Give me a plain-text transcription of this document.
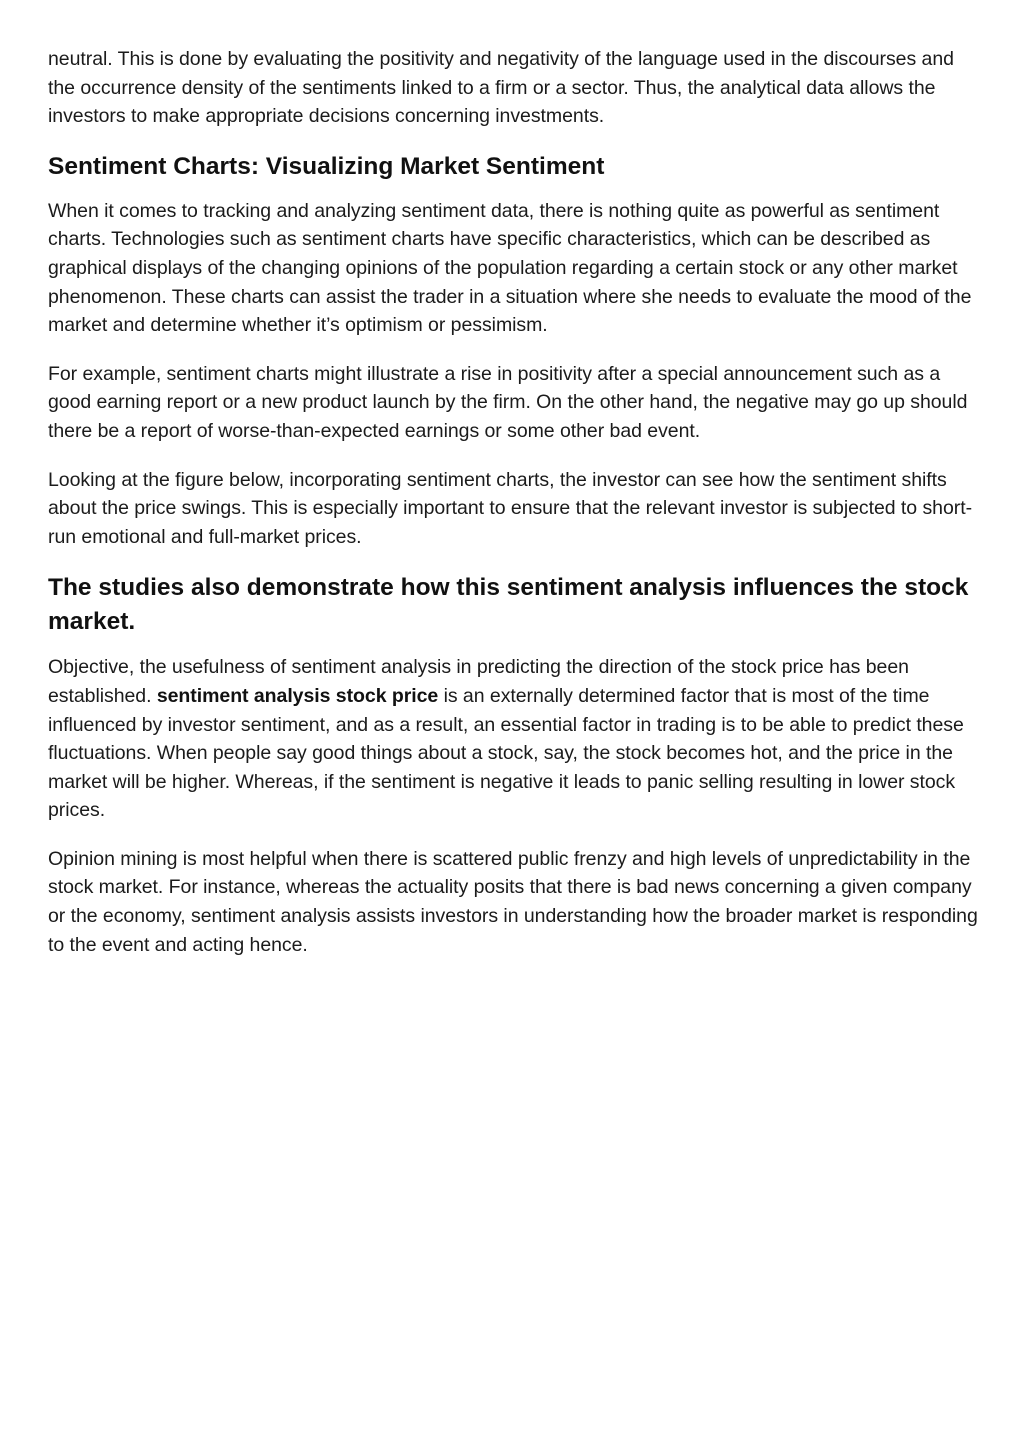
neutral. This is done by evaluating the positivity and negativity of the language used in the discourses and the occurrence density of the sentiments linked to a firm or a sector. Thus, the analytical data allows the investors to make appropriate decisions concerning investments.

Sentiment Charts: Visualizing Market Sentiment

When it comes to tracking and analyzing sentiment data, there is nothing quite as powerful as sentiment charts. Technologies such as sentiment charts have specific characteristics, which can be described as graphical displays of the changing opinions of the population regarding a certain stock or any other market phenomenon. These charts can assist the trader in a situation where she needs to evaluate the mood of the market and determine whether it’s optimism or pessimism.

For example, sentiment charts might illustrate a rise in positivity after a special announcement such as a good earning report or a new product launch by the firm. On the other hand, the negative may go up should there be a report of worse-than-expected earnings or some other bad event.

Looking at the figure below, incorporating sentiment charts, the investor can see how the sentiment shifts about the price swings. This is especially important to ensure that the relevant investor is subjected to short-run emotional and full-market prices.

The studies also demonstrate how this sentiment analysis influences the stock market.

Objective, the usefulness of sentiment analysis in predicting the direction of the stock price has been established. sentiment analysis stock price is an externally determined factor that is most of the time influenced by investor sentiment, and as a result, an essential factor in trading is to be able to predict these fluctuations. When people say good things about a stock, say, the stock becomes hot, and the price in the market will be higher. Whereas, if the sentiment is negative it leads to panic selling resulting in lower stock prices.

Opinion mining is most helpful when there is scattered public frenzy and high levels of unpredictability in the stock market. For instance, whereas the actuality posits that there is bad news concerning a given company or the economy, sentiment analysis assists investors in understanding how the broader market is responding to the event and acting hence.
